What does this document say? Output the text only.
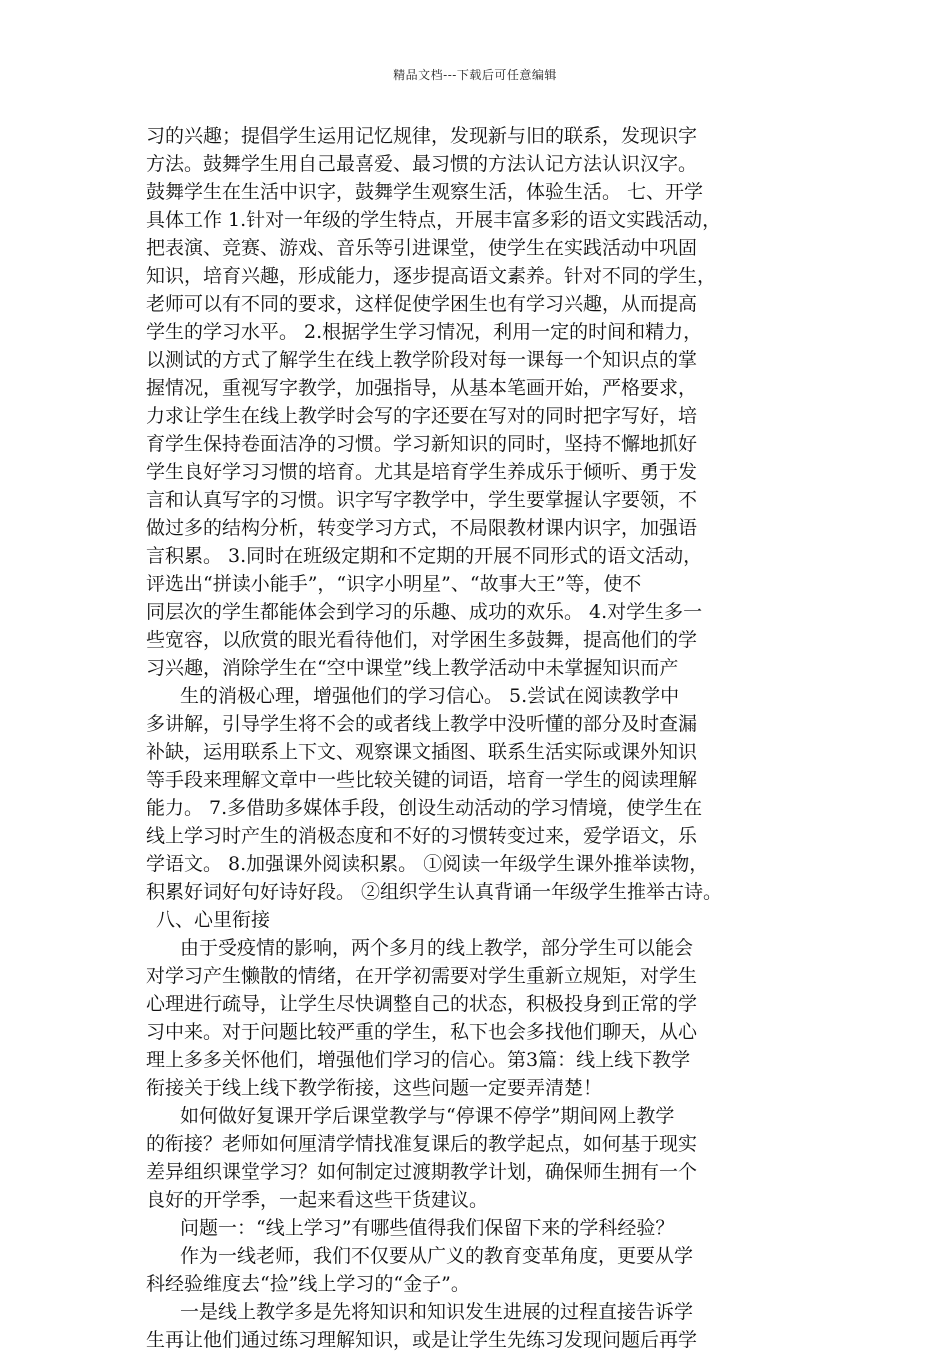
精品文档---下载后可任意编辑
习的兴趣；提倡学生运用记忆规律，发现新与旧的联系，发现识字
方法。鼓舞学生用自己最喜爱、最习惯的方法认记方法认识汉字。
鼓舞学生在生活中识字，鼓舞学生观察生活，体验生活。 七、开学
具体工作 1.针对一年级的学生特点，开展丰富多彩的语文实践活动，
把表演、竞赛、游戏、音乐等引进课堂，使学生在实践活动中巩固
知识，培育兴趣，形成能力，逐步提高语文素养。针对不同的学生，
老师可以有不同的要求，这样促使学困生也有学习兴趣，从而提高
学生的学习水平。 2.根据学生学习情况，利用一定的时间和精力，
以测试的方式了解学生在线上教学阶段对每一课每一个知识点的掌
握情况，重视写字教学，加强指导，从基本笔画开始，严格要求，
力求让学生在线上教学时会写的字还要在写对的同时把字写好，培
育学生保持卷面洁净的习惯。学习新知识的同时，坚持不懈地抓好
学生良好学习习惯的培育。尤其是培育学生养成乐于倾听、勇于发
言和认真写字的习惯。识字写字教学中，学生要掌握认字要领，不
做过多的结构分析，转变学习方式，不局限教材课内识字，加强语
言积累。 3.同时在班级定期和不定期的开展不同形式的语文活动，
评选出“拼读小能手”，“识字小明星”、“故事大王”等，使不
同层次的学生都能体会到学习的乐趣、成功的欢乐。 4.对学生多一
些宽容，以欣赏的眼光看待他们，对学困生多鼓舞，提高他们的学
习兴趣，消除学生在“空中课堂”线上教学活动中未掌握知识而产
生的消极心理，增强他们的学习信心。 5.尝试在阅读教学中
多讲解，引导学生将不会的或者线上教学中没听懂的部分及时查漏
补缺，运用联系上下文、观察课文插图、联系生活实际或课外知识
等手段来理解文章中一些比较关键的词语，培育一学生的阅读理解
能力。 7.多借助多媒体手段，创设生动活动的学习情境，使学生在
线上学习时产生的消极态度和不好的习惯转变过来，爱学语文，乐
学语文。 8.加强课外阅读积累。 ①阅读一年级学生课外推举读物，
积累好词好句好诗好段。 ②组织学生认真背诵一年级学生推举古诗。
八、心里衔接
由于受疫情的影响，两个多月的线上教学，部分学生可以能会
对学习产生懒散的情绪，在开学初需要对学生重新立规矩，对学生
心理进行疏导，让学生尽快调整自己的状态，积极投身到正常的学
习中来。对于问题比较严重的学生，私下也会多找他们聊天，从心
理上多多关怀他们，增强他们学习的信心。第3篇：线上线下教学
衔接关于线上线下教学衔接，这些问题一定要弄清楚！
如何做好复课开学后课堂教学与“停课不停学”期间网上教学
的衔接？老师如何厘清学情找准复课后的教学起点，如何基于现实
差异组织课堂学习？如何制定过渡期教学计划，确保师生拥有一个
良好的开学季，一起来看这些干货建议。
问题一：“线上学习”有哪些值得我们保留下来的学科经验？
作为一线老师，我们不仅要从广义的教育变革角度，更要从学
科经验维度去“捡”线上学习的“金子”。
一是线上教学多是先将知识和知识发生进展的过程直接告诉学
生再让他们通过练习理解知识，或是让学生先练习发现问题后再学
